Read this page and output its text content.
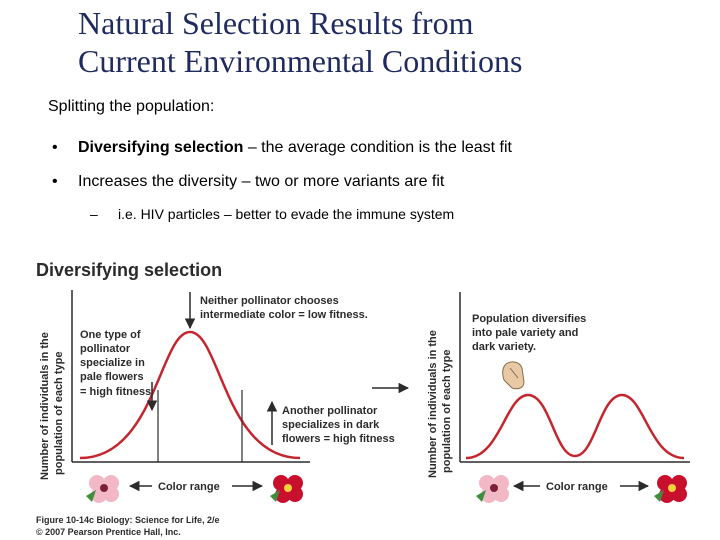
Natural Selection Results from
Current Environmental Conditions

Splitting the population:

• Diversifying selection – the average condition is the least fit
• Increases the diversity – two or more variants are fit
– i.e. HIV particles – better to evade the immune system
Diversifying selection
Number of individuals in the population of each type
One type of
pollinator
specialize in
pale flowers
= high fitness
Neither pollinator chooses
intermediate color = low fitness.
Another pollinator
specializes in dark
flowers = high fitness
Color range
Number of individuals in the population of each type
Population diversifies
into pale variety and
dark variety.
Color range
Figure 10-14c Biology: Science for Life, 2/e
© 2007 Pearson Prentice Hall, Inc.
